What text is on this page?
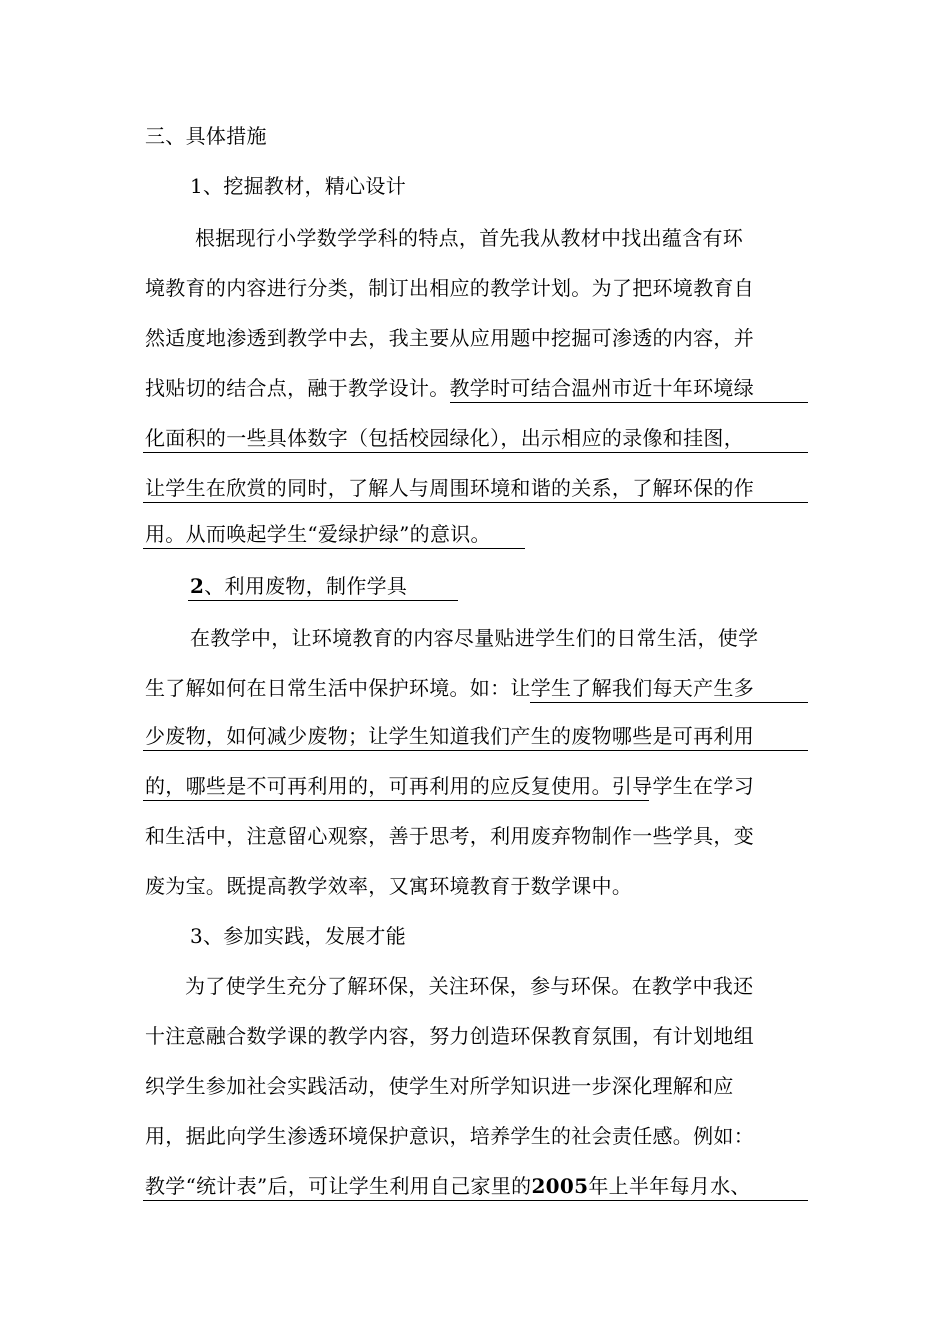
三、具体措施
1、挖掘教材，精心设计
根据现行小学数学学科的特点，首先我从教材中找出蕴含有环
境教育的内容进行分类，制订出相应的教学计划。为了把环境教育自
然适度地渗透到教学中去，我主要从应用题中挖掘可渗透的内容，并
找贴切的结合点，融于教学设计。教学时可结合温州市近十年环境绿
化面积的一些具体数字（包括校园绿化），出示相应的录像和挂图，
让学生在欣赏的同时，了解人与周围环境和谐的关系，了解环保的作
用。从而唤起学生“爱绿护绿”的意识。
2、利用废物，制作学具
在教学中，让环境教育的内容尽量贴进学生们的日常生活，使学
生了解如何在日常生活中保护环境。如：让学生了解我们每天产生多
少废物，如何减少废物；让学生知道我们产生的废物哪些是可再利用
的，哪些是不可再利用的，可再利用的应反复使用。引导学生在学习
和生活中，注意留心观察，善于思考，利用废弃物制作一些学具，变
废为宝。既提高教学效率，又寓环境教育于数学课中。
3、参加实践，发展才能
为了使学生充分了解环保，关注环保，参与环保。在教学中我还
十注意融合数学课的教学内容，努力创造环保教育氛围，有计划地组
织学生参加社会实践活动，使学生对所学知识进一步深化理解和应
用，据此向学生渗透环境保护意识，培养学生的社会责任感。例如：
教学“统计表”后，可让学生利用自己家里的2005年上半年每月水、
